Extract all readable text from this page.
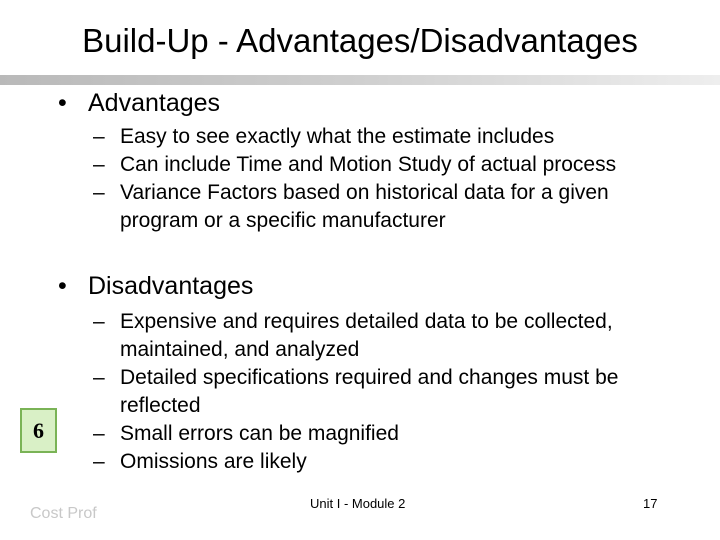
Build-Up - Advantages/Disadvantages
• Advantages
– Easy to see exactly what the estimate includes
– Can include Time and Motion Study of actual process
– Variance Factors based on historical data for a given program or a specific manufacturer
• Disadvantages
– Expensive and requires detailed data to be collected, maintained, and analyzed
– Detailed specifications required and changes must be reflected
– Small errors can be magnified
– Omissions are likely
6
Cost Prof
Unit I - Module 2	17
